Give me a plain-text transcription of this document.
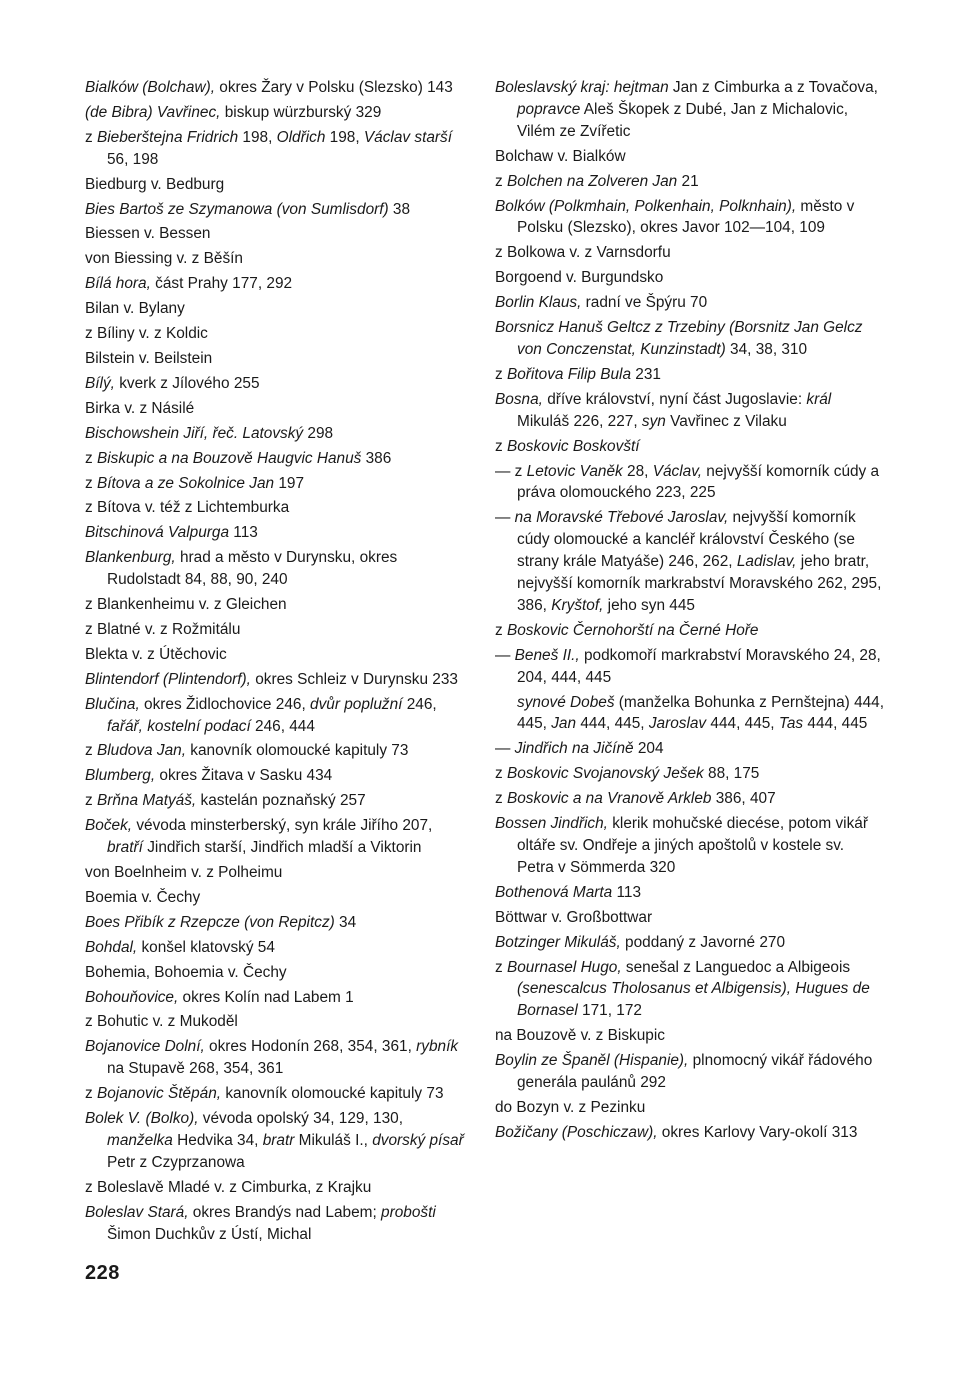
Bialków (Bolchaw), okres Žary v Polsku (Slezsko) 143
(de Bibra) Vavřinec, biskup würzburský 329
z Bieberštejna Fridrich 198, Oldřich 198, Václav starší 56, 198
Biedburg v. Bedburg
Bies Bartoš ze Szymanowa (von Sumlisdorf) 38
Biessen v. Bessen
von Biessing v. z Běšín
Bílá hora, část Prahy 177, 292
Bilan v. Bylany
z Bíliny v. z Koldic
Bilstein v. Beilstein
Bílý, kverk z Jílového 255
Birka v. z Násilé
Bischowshein Jiří, řeč. Latovský 298
z Biskupic a na Bouzově Haugvic Hanuš 386
z Bítova a ze Sokolnice Jan 197
z Bítova v. též z Lichtemburka
Bitschinová Valpurga 113
Blankenburg, hrad a město v Durynsku, okres Rudolstadt 84, 88, 90, 240
z Blankenheimu v. z Gleichen
z Blatné v. z Rožmitálu
Blekta v. z Útěchovic
Blintendorf (Plintendorf), okres Schleiz v Durynsku 233
Blučina, okres Židlochovice 246, dvůr poplužní 246, fařář, kostelní podací 246, 444
z Bludova Jan, kanovník olomoucké kapituly 73
Blumberg, okres Žitava v Sasku 434
z Brňna Matyáš, kastelán poznaňský 257
Boček, vévoda minsterberský, syn krále Jiřího 207, bratří Jindřich starší, Jindřich mladší a Viktorin
von Boelnheim v. z Polheimu
Boemia v. Čechy
Boes Přibík z Rzepcze (von Repitcz) 34
Bohdal, konšel klatovský 54
Bohemia, Bohoemia v. Čechy
Bohouňovice, okres Kolín nad Labem 1
z Bohutic v. z Mukoděl
Bojanovice Dolní, okres Hodonín 268, 354, 361, rybník na Stupavě 268, 354, 361
z Bojanovic Štěpán, kanovník olomoucké kapituly 73
Bolek V. (Bolko), vévoda opolský 34, 129, 130, manželka Hedvika 34, bratr Mikuláš I., dvorský písař Petr z Czyprzanowa
z Boleslavě Mladé v. z Cimburka, z Krajku
Boleslav Stará, okres Brandýs nad Labem; probošti Šimon Duchkův z Ústí, Michal
Boleslavský kraj: hejtman Jan z Cimburka a z Tovačova, popravce Aleš Škopek z Dubé, Jan z Michalovic, Vilém ze Zvířetic
Bolchaw v. Bialków
z Bolchen na Zolveren Jan 21
Bolków (Polkmhain, Polkenhain, Polknhain), město v Polsku (Slezsko), okres Javor 102—104, 109
z Bolkowa v. z Varnsdorfu
Borgoend v. Burgundsko
Borlin Klaus, radní ve Špýru 70
Borsnicz Hanuš Geltcz z Trzebiny (Borsnitz Jan Gelcz von Conczenstat, Kunzinstadt) 34, 38, 310
z Bořitova Filip Bula 231
Bosna, dříve království, nyní část Jugoslavie: král Mikuláš 226, 227, syn Vavřinec z Vilaku
z Boskovic Boskovští
— z Letovic Vaněk 28, Václav, nejvyšší komorník cúdy a práva olomouckého 223, 225
— na Moravské Třebové Jaroslav, nejvyšší komorník cúdy olomoucké a kancléř království Českého (se strany krále Matyáše) 246, 262, Ladislav, jeho bratr, nejvyšší komorník markrabství Moravského 262, 295, 386, Kryštof, jeho syn 445
z Boskovic Černohorští na Černé Hoře
— Beneš II., podkomoří markrabství Moravského 24, 28, 204, 444, 445
synové Dobeš (manželka Bohunka z Pernštejna) 444, 445, Jan 444, 445, Jaroslav 444, 445, Tas 444, 445
— Jindřich na Jičíně 204
z Boskovic Svojanovský Ješek 88, 175
z Boskovic a na Vranově Arkleb 386, 407
Bossen Jindřich, klerik mohučské diecése, potom vikář oltáře sv. Ondřeje a jiných apoštolů v kostele sv. Petra v Sömmerda 320
Bothenová Marta 113
Böttwar v. Großbottwar
Botzinger Mikuláš, poddaný z Javorné 270
z Bournasel Hugo, senešal z Languedoc a Albigeois (senescalcus Tholosanus et Albigensis), Hugues de Bornasel 171, 172
na Bouzově v. z Biskupic
Boylin ze Španěl (Hispanie), plnomocný vikář řádového generála paulánů 292
do Bozyn v. z Pezinku
Božičany (Poschiczaw), okres Karlovy Vary-okolí 313
228
